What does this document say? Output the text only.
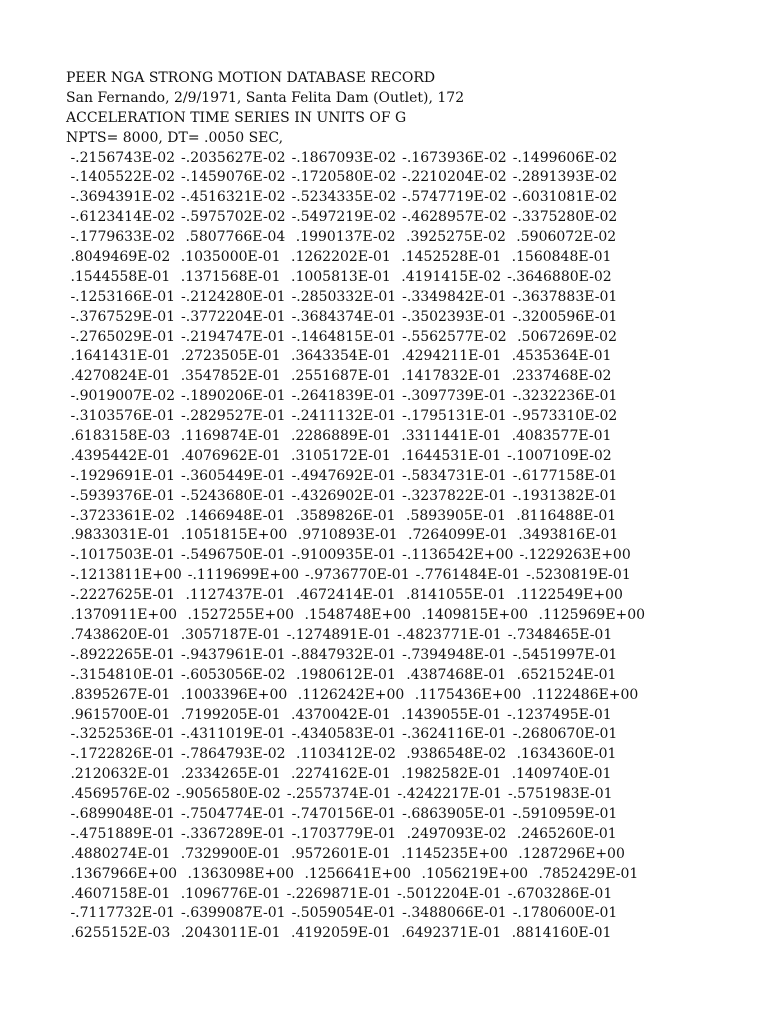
PEER NGA STRONG MOTION DATABASE RECORD
San Fernando, 2/9/1971, Santa Felita Dam (Outlet), 172
ACCELERATION TIME SERIES IN UNITS OF G
NPTS= 8000, DT= .0050 SEC,
-.2156743E-02 -.2035627E-02 -.1867093E-02 -.1673936E-02 -.1499606E-02
-.1405522E-02 -.1459076E-02 -.1720580E-02 -.2210204E-02 -.2891393E-02
-.3694391E-02 -.4516321E-02 -.5234335E-02 -.5747719E-02 -.6031081E-02
-.6123414E-02 -.5975702E-02 -.5497219E-02 -.4628957E-02 -.3375280E-02
-.1779633E-02 .5807766E-04 .1990137E-02 .3925275E-02 .5906072E-02
.8049469E-02 .1035000E-01 .1262202E-01 .1452528E-01 .1560848E-01
.1544558E-01 .1371568E-01 .1005813E-01 .4191415E-02 -.3646880E-02
-.1253166E-01 -.2124280E-01 -.2850332E-01 -.3349842E-01 -.3637883E-01
-.3767529E-01 -.3772204E-01 -.3684374E-01 -.3502393E-01 -.3200596E-01
-.2765029E-01 -.2194747E-01 -.1464815E-01 -.5562577E-02 .5067269E-02
.1641431E-01 .2723505E-01 .3643354E-01 .4294211E-01 .4535364E-01
.4270824E-01 .3547852E-01 .2551687E-01 .1417832E-01 .2337468E-02
-.9019007E-02 -.1890206E-01 -.2641839E-01 -.3097739E-01 -.3232236E-01
-.3103576E-01 -.2829527E-01 -.2411132E-01 -.1795131E-01 -.9573310E-02
.6183158E-03 .1169874E-01 .2286889E-01 .3311441E-01 .4083577E-01
.4395442E-01 .4076962E-01 .3105172E-01 .1644531E-01 -.1007109E-02
-.1929691E-01 -.3605449E-01 -.4947692E-01 -.5834731E-01 -.6177158E-01
-.5939376E-01 -.5243680E-01 -.4326902E-01 -.3237822E-01 -.1931382E-01
-.3723361E-02 .1466948E-01 .3589826E-01 .5893905E-01 .8116488E-01
.9833031E-01 .1051815E+00 .9710893E-01 .7264099E-01 .3493816E-01
-.1017503E-01 -.5496750E-01 -.9100935E-01 -.1136542E+00 -.1229263E+00
-.1213811E+00 -.1119699E+00 -.9736770E-01 -.7761484E-01 -.5230819E-01
-.2227625E-01 .1127437E-01 .4672414E-01 .8141055E-01 .1122549E+00
.1370911E+00 .1527255E+00 .1548748E+00 .1409815E+00 .1125969E+00
.7438620E-01 .3057187E-01 -.1274891E-01 -.4823771E-01 -.7348465E-01
-.8922265E-01 -.9437961E-01 -.8847932E-01 -.7394948E-01 -.5451997E-01
-.3154810E-01 -.6053056E-02 .1980612E-01 .4387468E-01 .6521524E-01
.8395267E-01 .1003396E+00 .1126242E+00 .1175436E+00 .1122486E+00
.9615700E-01 .7199205E-01 .4370042E-01 .1439055E-01 -.1237495E-01
-.3252536E-01 -.4311019E-01 -.4340583E-01 -.3624116E-01 -.2680670E-01
-.1722826E-01 -.7864793E-02 .1103412E-02 .9386548E-02 .1634360E-01
.2120632E-01 .2334265E-01 .2274162E-01 .1982582E-01 .1409740E-01
.4569576E-02 -.9056580E-02 -.2557374E-01 -.4242217E-01 -.5751983E-01
-.6899048E-01 -.7504774E-01 -.7470156E-01 -.6863905E-01 -.5910959E-01
-.4751889E-01 -.3367289E-01 -.1703779E-01 .2497093E-02 .2465260E-01
.4880274E-01 .7329900E-01 .9572601E-01 .1145235E+00 .1287296E+00
.1367966E+00 .1363098E+00 .1256641E+00 .1056219E+00 .7852429E-01
.4607158E-01 .1096776E-01 -.2269871E-01 -.5012204E-01 -.6703286E-01
-.7117732E-01 -.6399087E-01 -.5059054E-01 -.3488066E-01 -.1780600E-01
.6255152E-03 .2043011E-01 .4192059E-01 .6492371E-01 .8814160E-01
